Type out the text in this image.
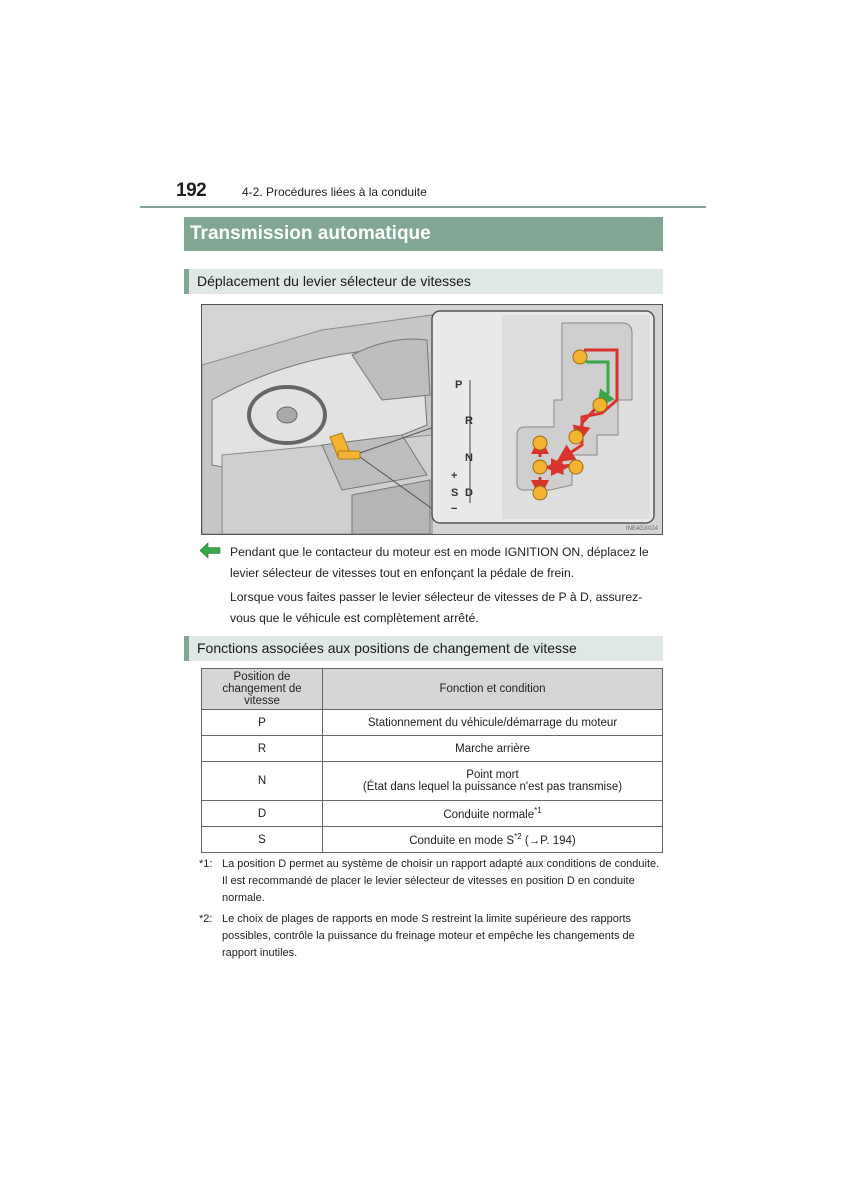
192	4-2. Procédures liées à la conduite
Transmission automatique
Déplacement du levier sélecteur de vitesses
P
R
N
+
S D
−
INE4GX024

Pendant que le contacteur du moteur est en mode IGNITION ON, déplacez le levier sélecteur de vitesses tout en enfonçant la pédale de frein.

Lorsque vous faites passer le levier sélecteur de vitesses de P à D, assurez-vous que le véhicule est complètement arrêté.

Fonctions associées aux positions de changement de vitesse
Position de changement de vitesse	Fonction et condition
P	Stationnement du véhicule/démarrage du moteur
R	Marche arrière
N	Point mort
(État dans lequel la puissance n'est pas transmise)

D	Conduite normale$^{*1}$
S	Conduite en mode $S^{*2}$ (→P. 194)
*1: La position D permet au système de choisir un rapport adapté aux conditions de conduite. Il est recommandé de placer le levier sélecteur de vitesses en position D en conduite normale.
*2: Le choix de plages de rapports en mode S restreint la limite supérieure des rapports possibles, contrôle la puissance du freinage moteur et empêche les changements de rapport inutiles.
